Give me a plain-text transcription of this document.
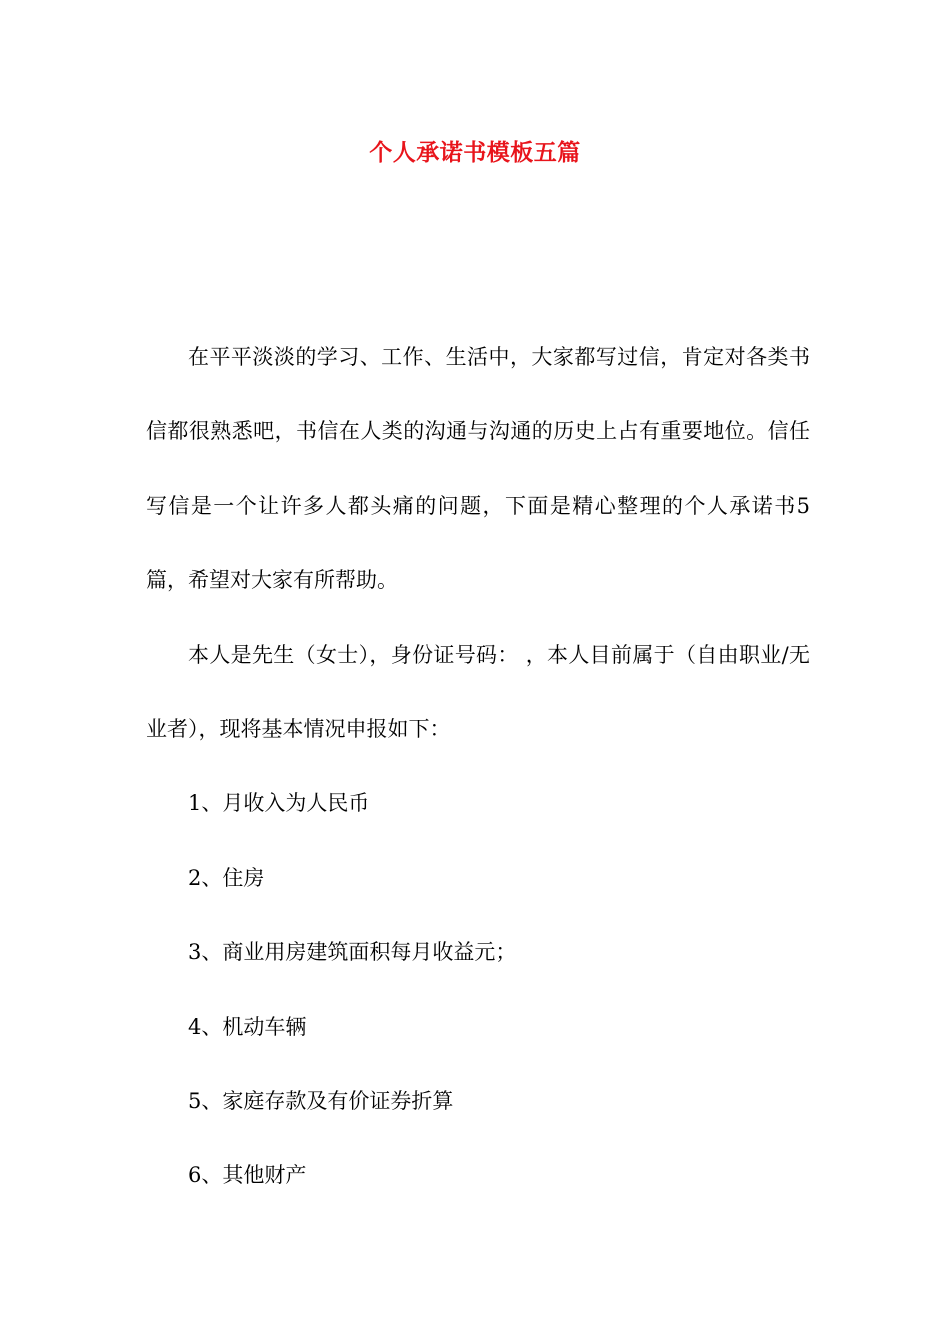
个人承诺书模板五篇

在平平淡淡的学习、工作、生活中，大家都写过信，肯定对各类书信都很熟悉吧，书信在人类的沟通与沟通的历史上占有重要地位。信任写信是一个让许多人都头痛的问题，下面是精心整理的个人承诺书5篇，希望对大家有所帮助。

本人是先生（女士），身份证号码： ，本人目前属于（自由职业/无业者），现将基本情况申报如下：

1、月收入为人民币

2、住房

3、商业用房建筑面积每月收益元；

4、机动车辆

5、家庭存款及有价证券折算

6、其他财产
